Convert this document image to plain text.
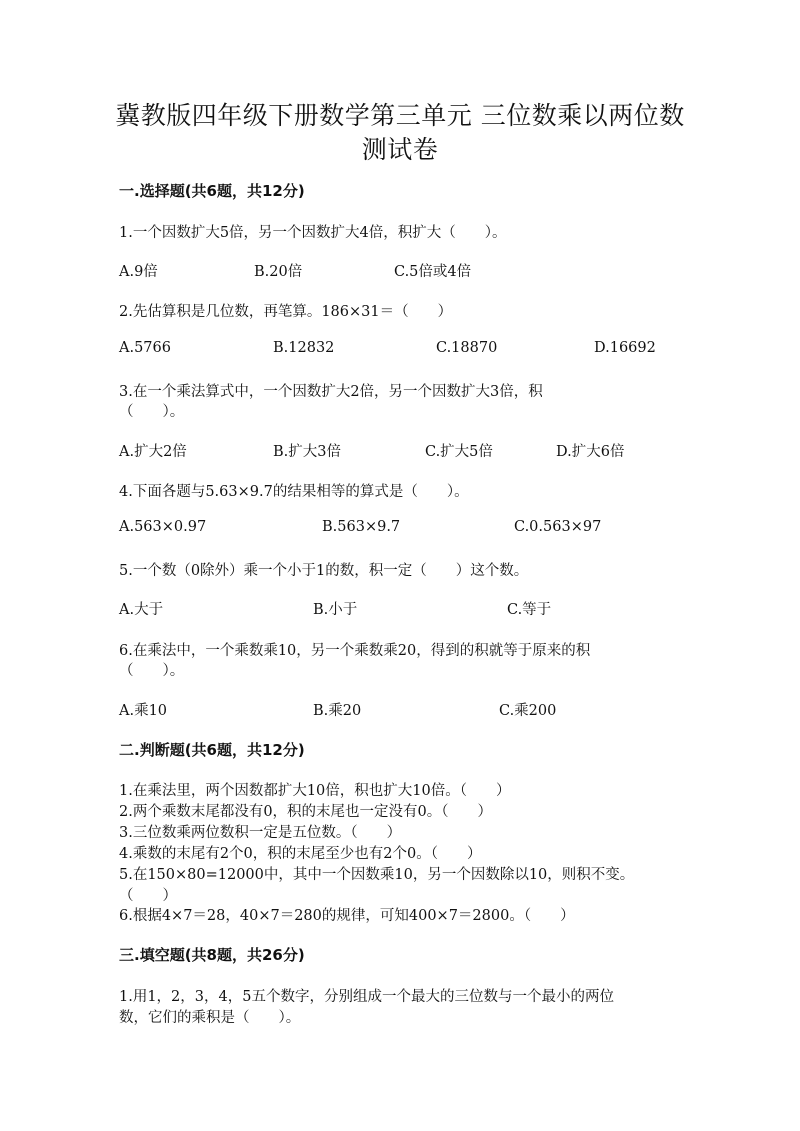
冀教版四年级下册数学第三单元 三位数乘以两位数
测试卷
一.选择题(共6题，共12分)
1.一个因数扩大5倍，另一个因数扩大4倍，积扩大（　　）。
A.9倍	B.20倍	C.5倍或4倍
2.先估算积是几位数，再笔算。186×31＝（　　）
A.5766	B.12832	C.18870	D.16692
3.在一个乘法算式中，一个因数扩大2倍，另一个因数扩大3倍，积
（　　）。
A.扩大2倍	B.扩大3倍	C.扩大5倍	D.扩大6倍
4.下面各题与5.63×9.7的结果相等的算式是（　　）。
A.563×0.97	B.563×9.7	C.0.563×97
5.一个数（0除外）乘一个小于1的数，积一定（　　）这个数。
A.大于	B.小于	C.等于
6.在乘法中，一个乘数乘10，另一个乘数乘20，得到的积就等于原来的积
（　　）。
A.乘10	B.乘20	C.乘200
二.判断题(共6题，共12分)
1.在乘法里，两个因数都扩大10倍，积也扩大10倍。（　　）
2.两个乘数末尾都没有0，积的末尾也一定没有0。（　　）
3.三位数乘两位数积一定是五位数。（　　）
4.乘数的末尾有2个0，积的末尾至少也有2个0。（　　）
5.在150×80=12000中，其中一个因数乘10，另一个因数除以10，则积不变。
（　　）
6.根据4×7＝28，40×7＝280的规律，可知400×7＝2800。（　　）
三.填空题(共8题，共26分)
1.用1，2，3，4，5五个数字，分别组成一个最大的三位数与一个最小的两位
数，它们的乘积是（　　）。
